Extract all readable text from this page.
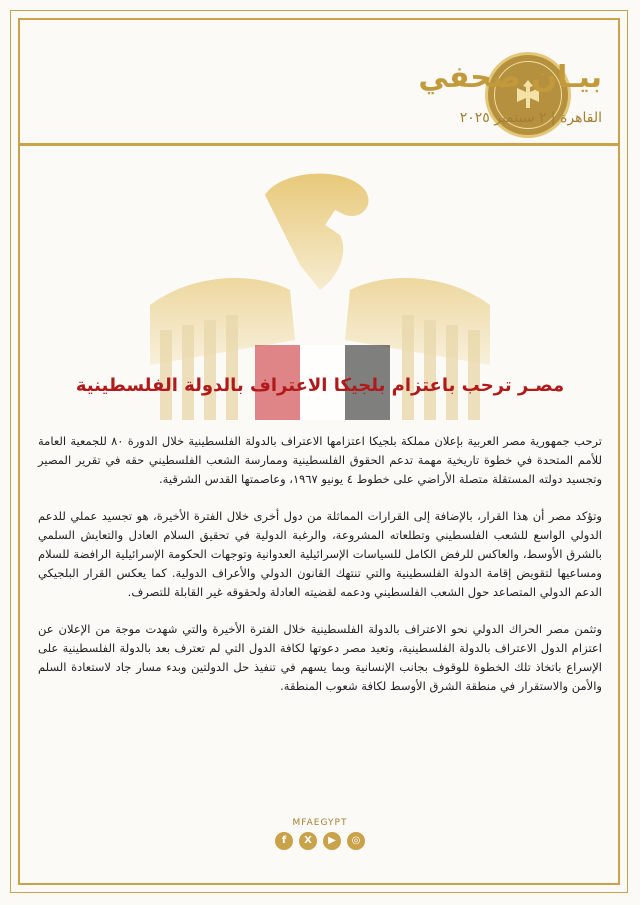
بيـان صحفي
القاهرة | ٢ سبتمبر ٢٠٢٥
مصـر ترحب باعتزام بلجيكا الاعتراف بالدولة الفلسطينية

ترحب جمهورية مصر العربية بإعلان مملكة بلجيكا اعتزامها الاعتراف بالدولة الفلسطينية خلال الدورة ٨٠ للجمعية العامة للأمم المتحدة في خطوة تاريخية مهمة تدعم الحقوق الفلسطينية وممارسة الشعب الفلسطيني حقه في تقرير المصير وتجسيد دولته المستقلة متصلة الأراضي على خطوط ٤ يونيو ١٩٦٧، وعاصمتها القدس الشرقية.

وتؤكد مصر أن هذا القرار، بالإضافة إلى القرارات المماثلة من دول أخرى خلال الفترة الأخيرة، هو تجسيد عملي للدعم الدولي الواسع للشعب الفلسطيني وتطلعاته المشروعة، والرغبة الدولية في تحقيق السلام العادل والتعايش السلمي بالشرق الأوسط، والعاكس للرفض الكامل للسياسات الإسرائيلية العدوانية وتوجهات الحكومة الإسرائيلية الرافضة للسلام ومساعيها لتقويض إقامة الدولة الفلسطينية والتي تنتهك القانون الدولي والأعراف الدولية. كما يعكس القرار البلجيكي الدعم الدولي المتصاعد حول الشعب الفلسطيني ودعمه لقضيته العادلة ولحقوقه غير القابلة للتصرف.

وتثمن مصر الحراك الدولي نحو الاعتراف بالدولة الفلسطينية خلال الفترة الأخيرة والتي شهدت موجة من الإعلان عن اعتزام الدول الاعتراف بالدولة الفلسطينية، وتعيد مصر دعوتها لكافة الدول التي لم تعترف بعد بالدولة الفلسطينية على الإسراع باتخاذ تلك الخطوة للوقوف بجانب الإنسانية وبما يسهم في تنفيذ حل الدولتين وبدء مسار جاد لاستعادة السلم والأمن والاستقرار في منطقة الشرق الأوسط لكافة شعوب المنطقة.

MFAEGYPT
f	X	▶	◎
